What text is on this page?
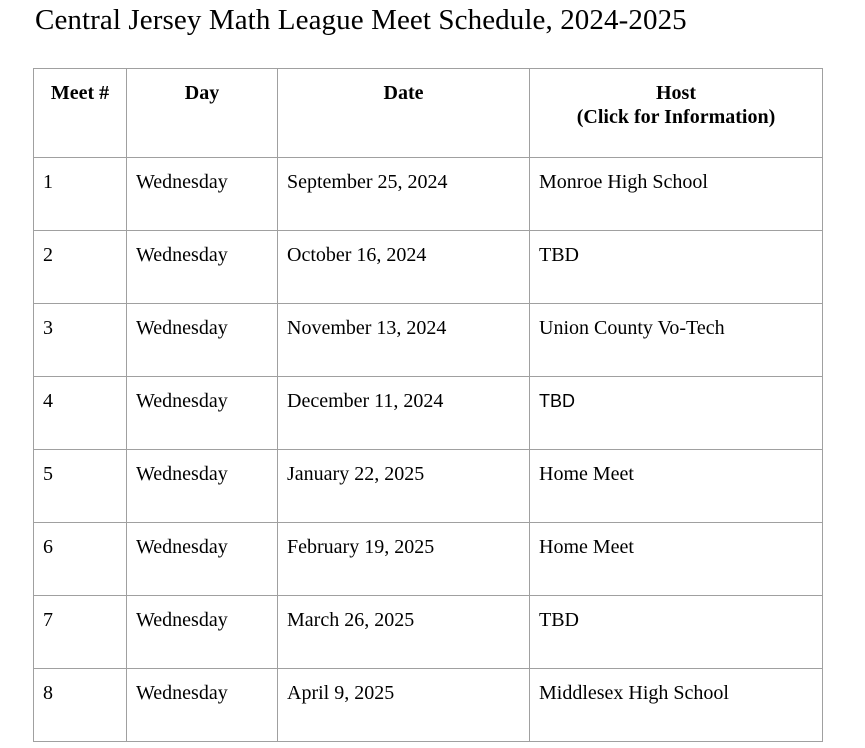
Central Jersey Math League Meet Schedule, 2024-2025
Meet #	Day	Date	Host
(Click for Information)

1	Wednesday	September 25, 2024	Monroe High School
2	Wednesday	October 16, 2024	TBD
3	Wednesday	November 13, 2024	Union County Vo-Tech
4	Wednesday	December 11, 2024	TBD
5	Wednesday	January 22, 2025	Home Meet
6	Wednesday	February 19, 2025	Home Meet
7	Wednesday	March 26, 2025	TBD
8	Wednesday	April 9, 2025	Middlesex High School
